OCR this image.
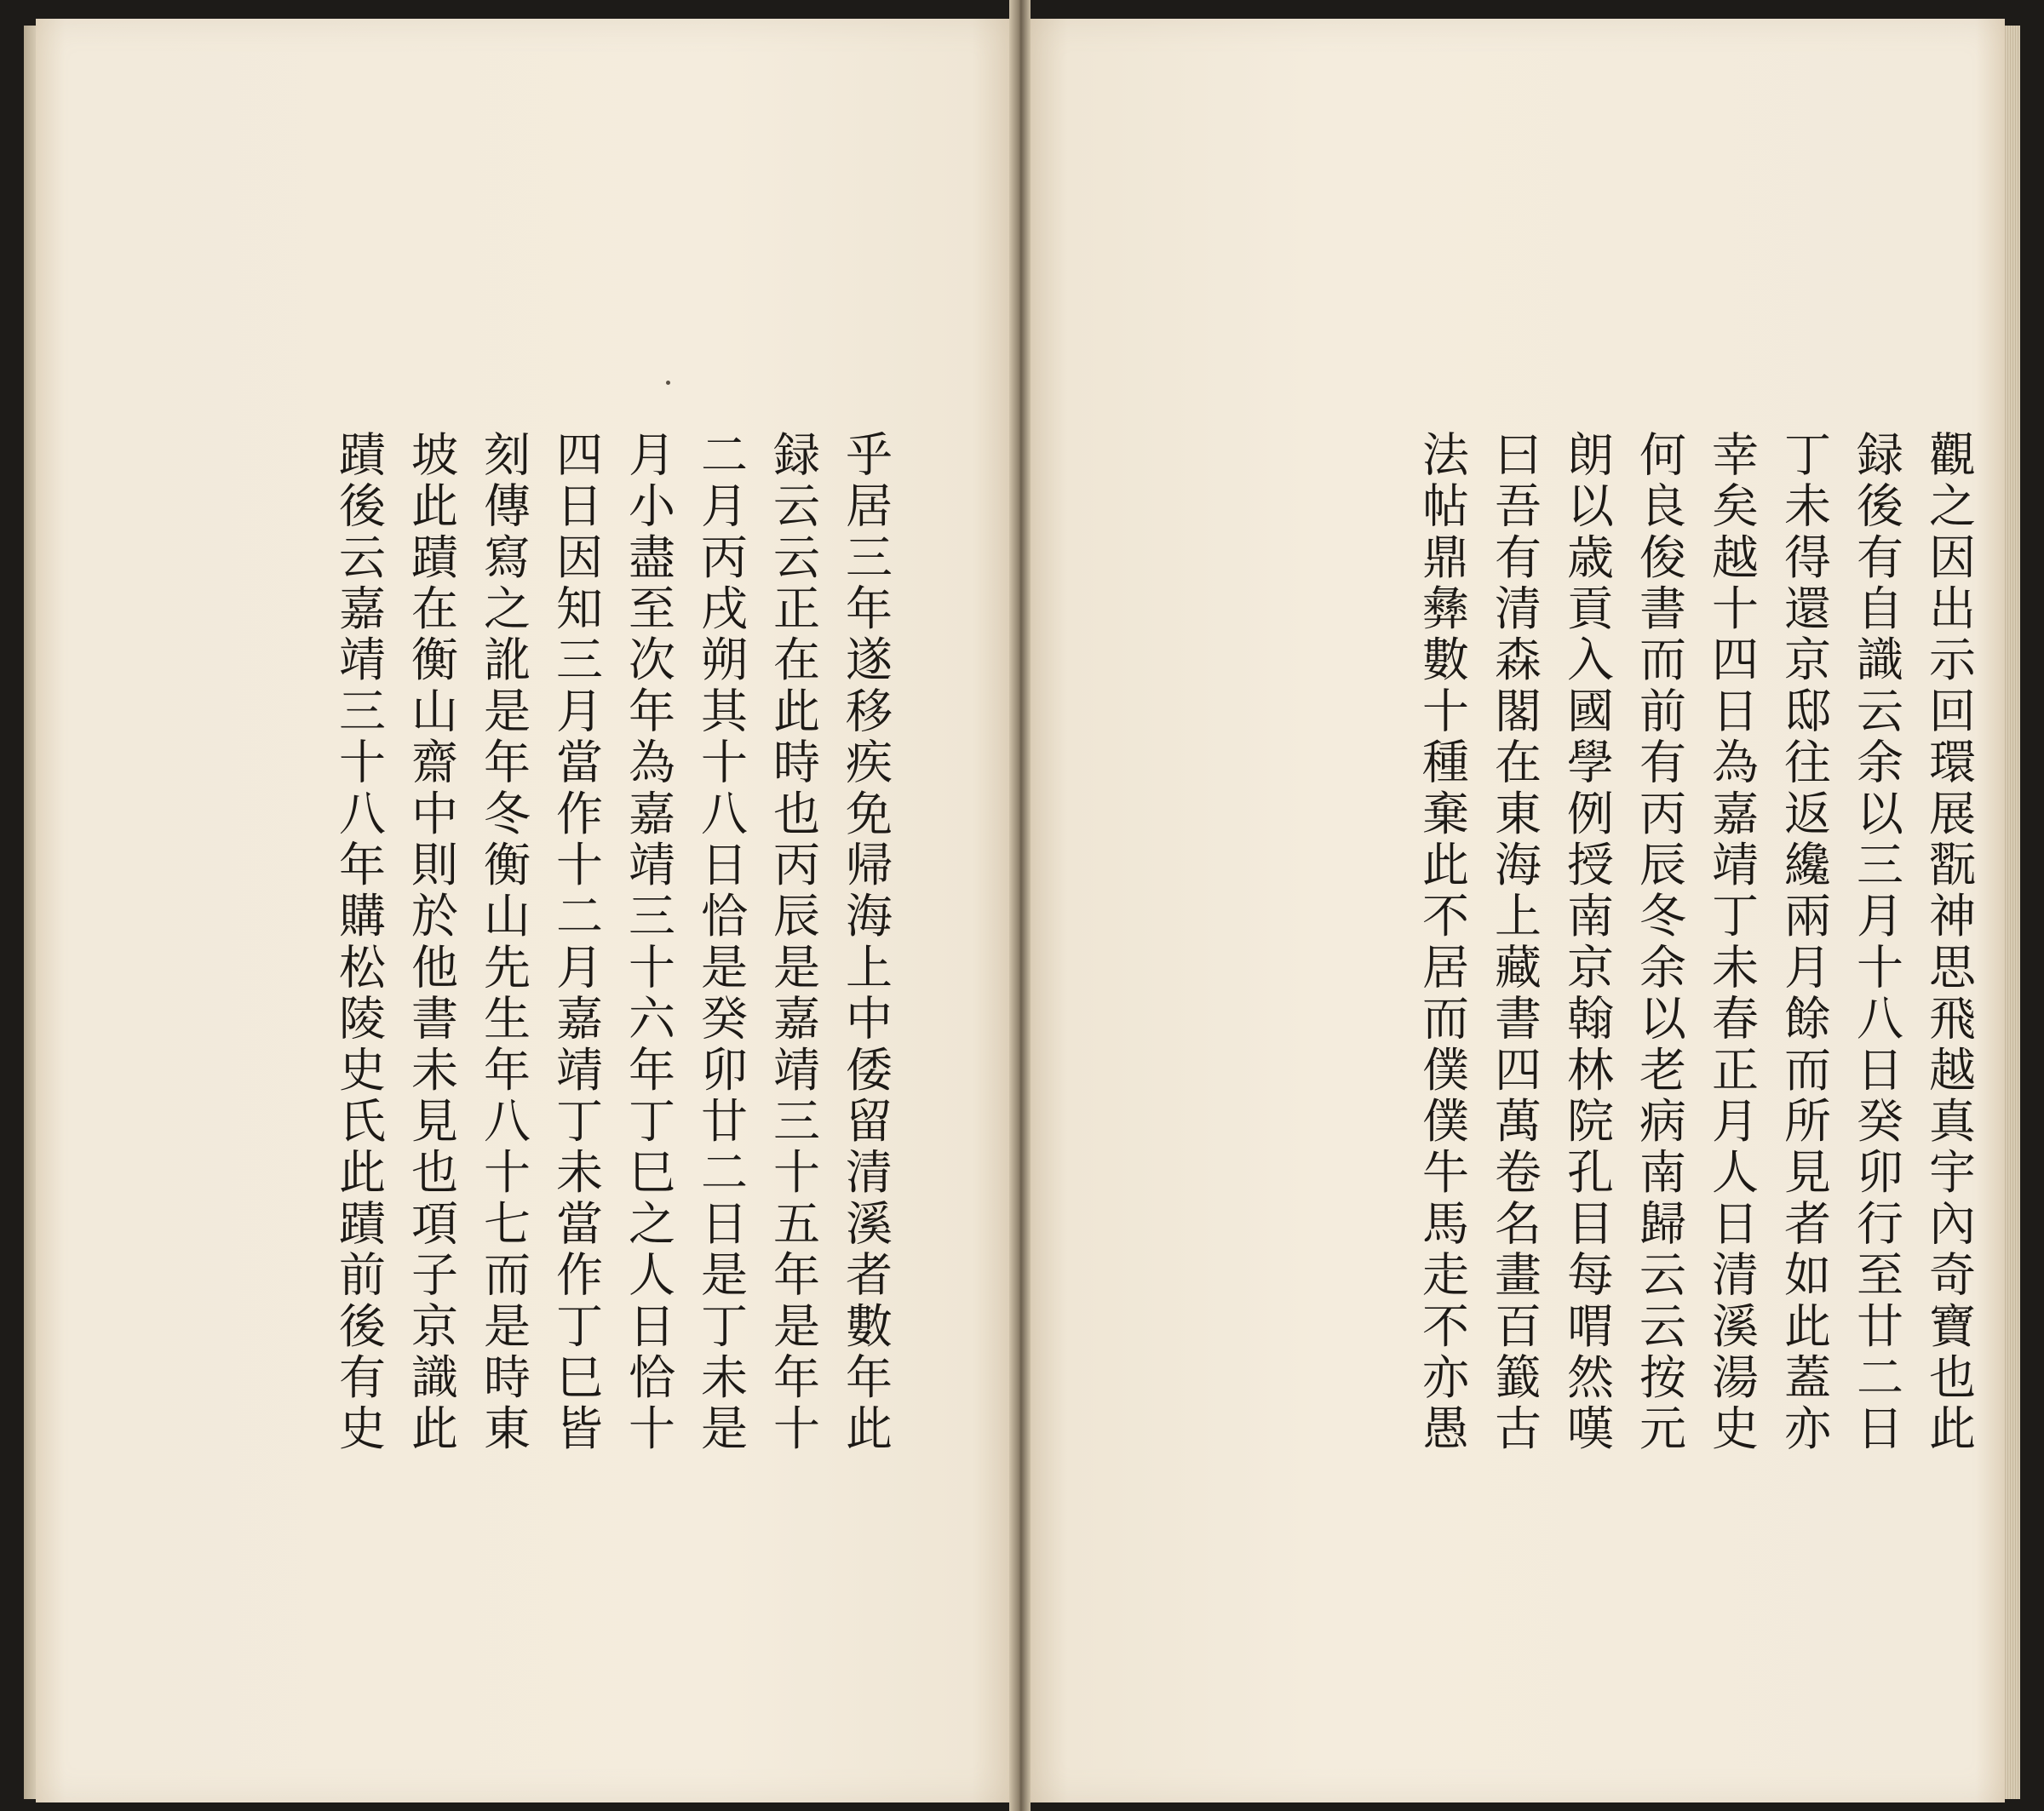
乎居三年遂移疾免帰海上中倭留清溪者數年此
録云云正在此時也丙辰是嘉靖三十五年是年十
二月丙戌朔其十八日恰是癸卯廿二日是丁未是
月小盡至次年為嘉靖三十六年丁巳之人日恰十
四日因知三月當作十二月嘉靖丁未當作丁巳皆
刻傳寫之訛是年冬衡山先生年八十七而是時東
坡此蹟在衡山齋中則於他書未見也項子京識此
蹟後云嘉靖三十八年購松陵史氏此蹟前後有史	觀之因出示回環展翫神思飛越真宇內奇寶也此
録後有自識云余以三月十八日癸卯行至廿二日
丁未得還京邸往返纔兩月餘而所見者如此蓋亦
幸矣越十四日為嘉靖丁未春正月人日清溪湯史
何良俊書而前有丙辰冬余以老病南歸云云按元
朗以歳貢入國學例授南京翰林院孔目每喟然嘆
曰吾有清森閣在東海上藏書四萬卷名畫百籖古
法帖鼎彝數十種棄此不居而僕僕牛馬走不亦愚
